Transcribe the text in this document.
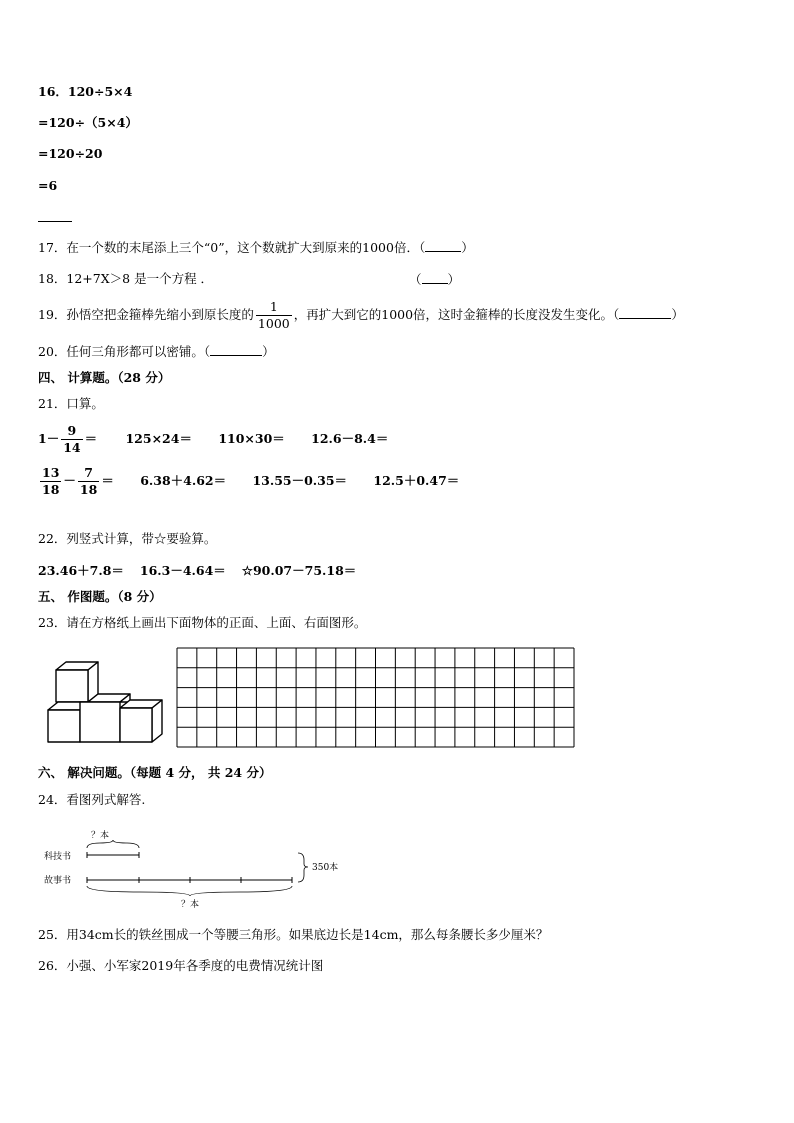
16．120÷5×4
=120÷（5×4）
=120÷20
=6
17．在一个数的末尾添上三个“0”，这个数就扩大到原来的1000倍．（	）
18．12+7X＞8 是一个方程 ．	（ ）
19．孙悟空把金箍棒先缩小到原长度的 $\frac{1}{1000}$ ，再扩大到它的1000倍，这时金箍棒的长度没发生变化。（	）
20．任何三角形都可以密铺。（	）
四、 计算题。（28 分）
21．口算。
$1- \frac{9}{14} = 125\times 24= 110\times 30= 12.6-8.4=$
$\frac{13}{18} - \frac{7}{18} = 6.38+4.62= 13.55-0.35= 12.5+0.47=$
22．列竖式计算，带☆要验算。
23.46＋7.8＝ 16.3－4.64＝ ☆90.07－75.18＝
五、 作图题。（8 分）
23．请在方格纸上画出下面物体的正面、上面、右面图形。
六、 解决问题。（每题 4 分， 共 24 分）
24．看图列式解答.
？本
科技书
故事书
？本
350本
25．用34cm长的铁丝围成一个等腰三角形。如果底边长是14cm，那么每条腰长多少厘米？
26．小强、小军家2019年各季度的电费情况统计图
